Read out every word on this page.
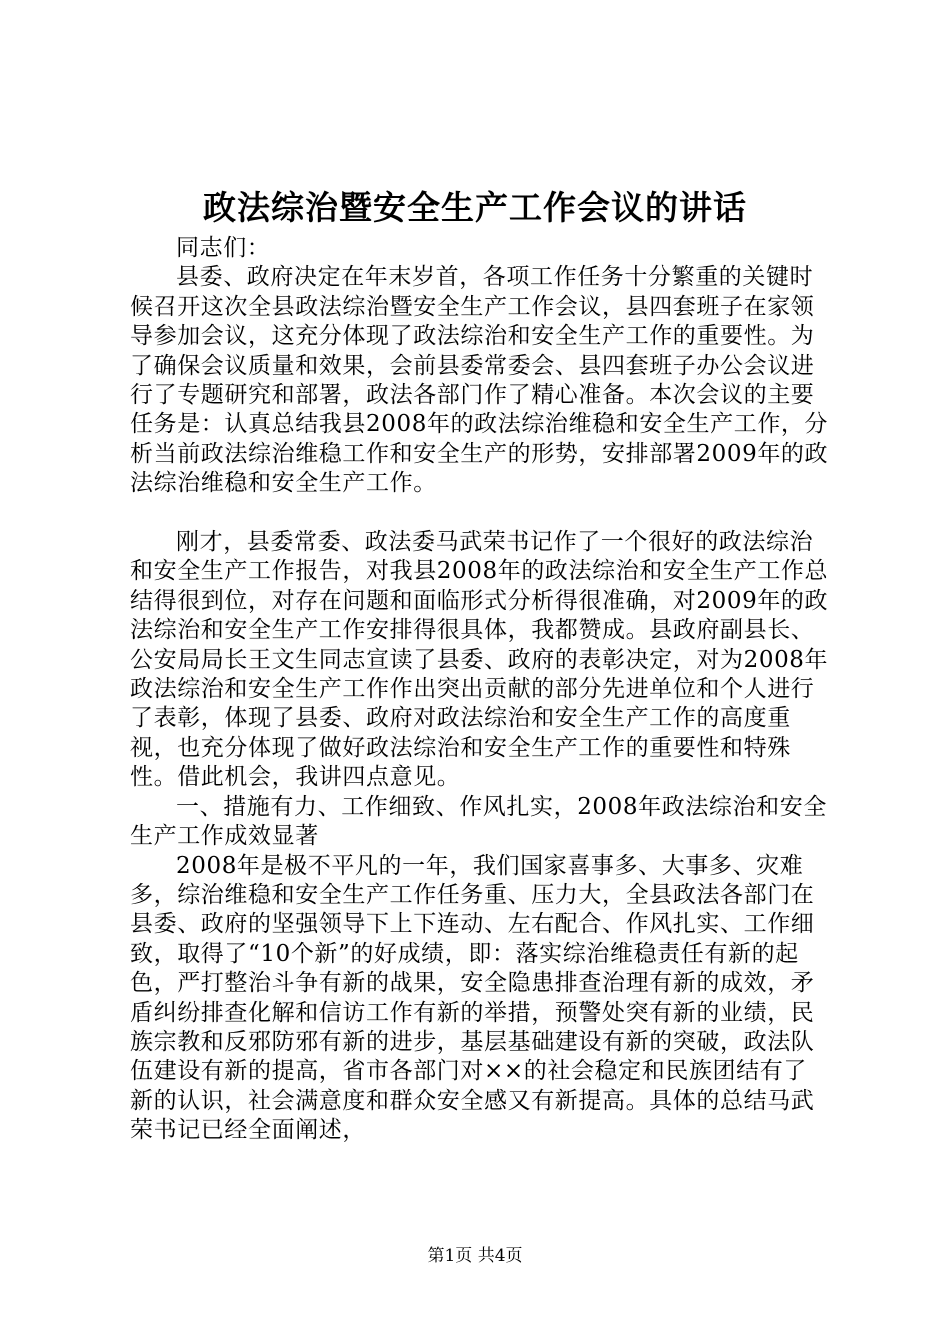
政法综治暨安全生产工作会议的讲话

同志们：

县委、政府决定在年末岁首，各项工作任务十分繁重的关键时候召开这次全县政法综治暨安全生产工作会议，县四套班子在家领导参加会议，这充分体现了政法综治和安全生产工作的重要性。为了确保会议质量和效果，会前县委常委会、县四套班子办公会议进行了专题研究和部署，政法各部门作了精心准备。本次会议的主要任务是：认真总结我县2008年的政法综治维稳和安全生产工作，分析当前政法综治维稳工作和安全生产的形势，安排部署2009年的政法综治维稳和安全生产工作。

刚才，县委常委、政法委马武荣书记作了一个很好的政法综治和安全生产工作报告，对我县2008年的政法综治和安全生产工作总结得很到位，对存在问题和面临形式分析得很准确，对2009年的政法综治和安全生产工作安排得很具体，我都赞成。县政府副县长、公安局局长王文生同志宣读了县委、政府的表彰决定，对为2008年政法综治和安全生产工作作出突出贡献的部分先进单位和个人进行了表彰，体现了县委、政府对政法综治和安全生产工作的高度重视，也充分体现了做好政法综治和安全生产工作的重要性和特殊性。借此机会，我讲四点意见。

一、措施有力、工作细致、作风扎实，2008年政法综治和安全生产工作成效显著

2008年是极不平凡的一年，我们国家喜事多、大事多、灾难多，综治维稳和安全生产工作任务重、压力大，全县政法各部门在县委、政府的坚强领导下上下连动、左右配合、作风扎实、工作细致，取得了“10个新”的好成绩，即：落实综治维稳责任有新的起色，严打整治斗争有新的战果，安全隐患排查治理有新的成效，矛盾纠纷排查化解和信访工作有新的举措，预警处突有新的业绩，民族宗教和反邪防邪有新的进步，基层基础建设有新的突破，政法队伍建设有新的提高，省市各部门对××的社会稳定和民族团结有了新的认识，社会满意度和群众安全感又有新提高。具体的总结马武荣书记已经全面阐述，

第1页 共4页
